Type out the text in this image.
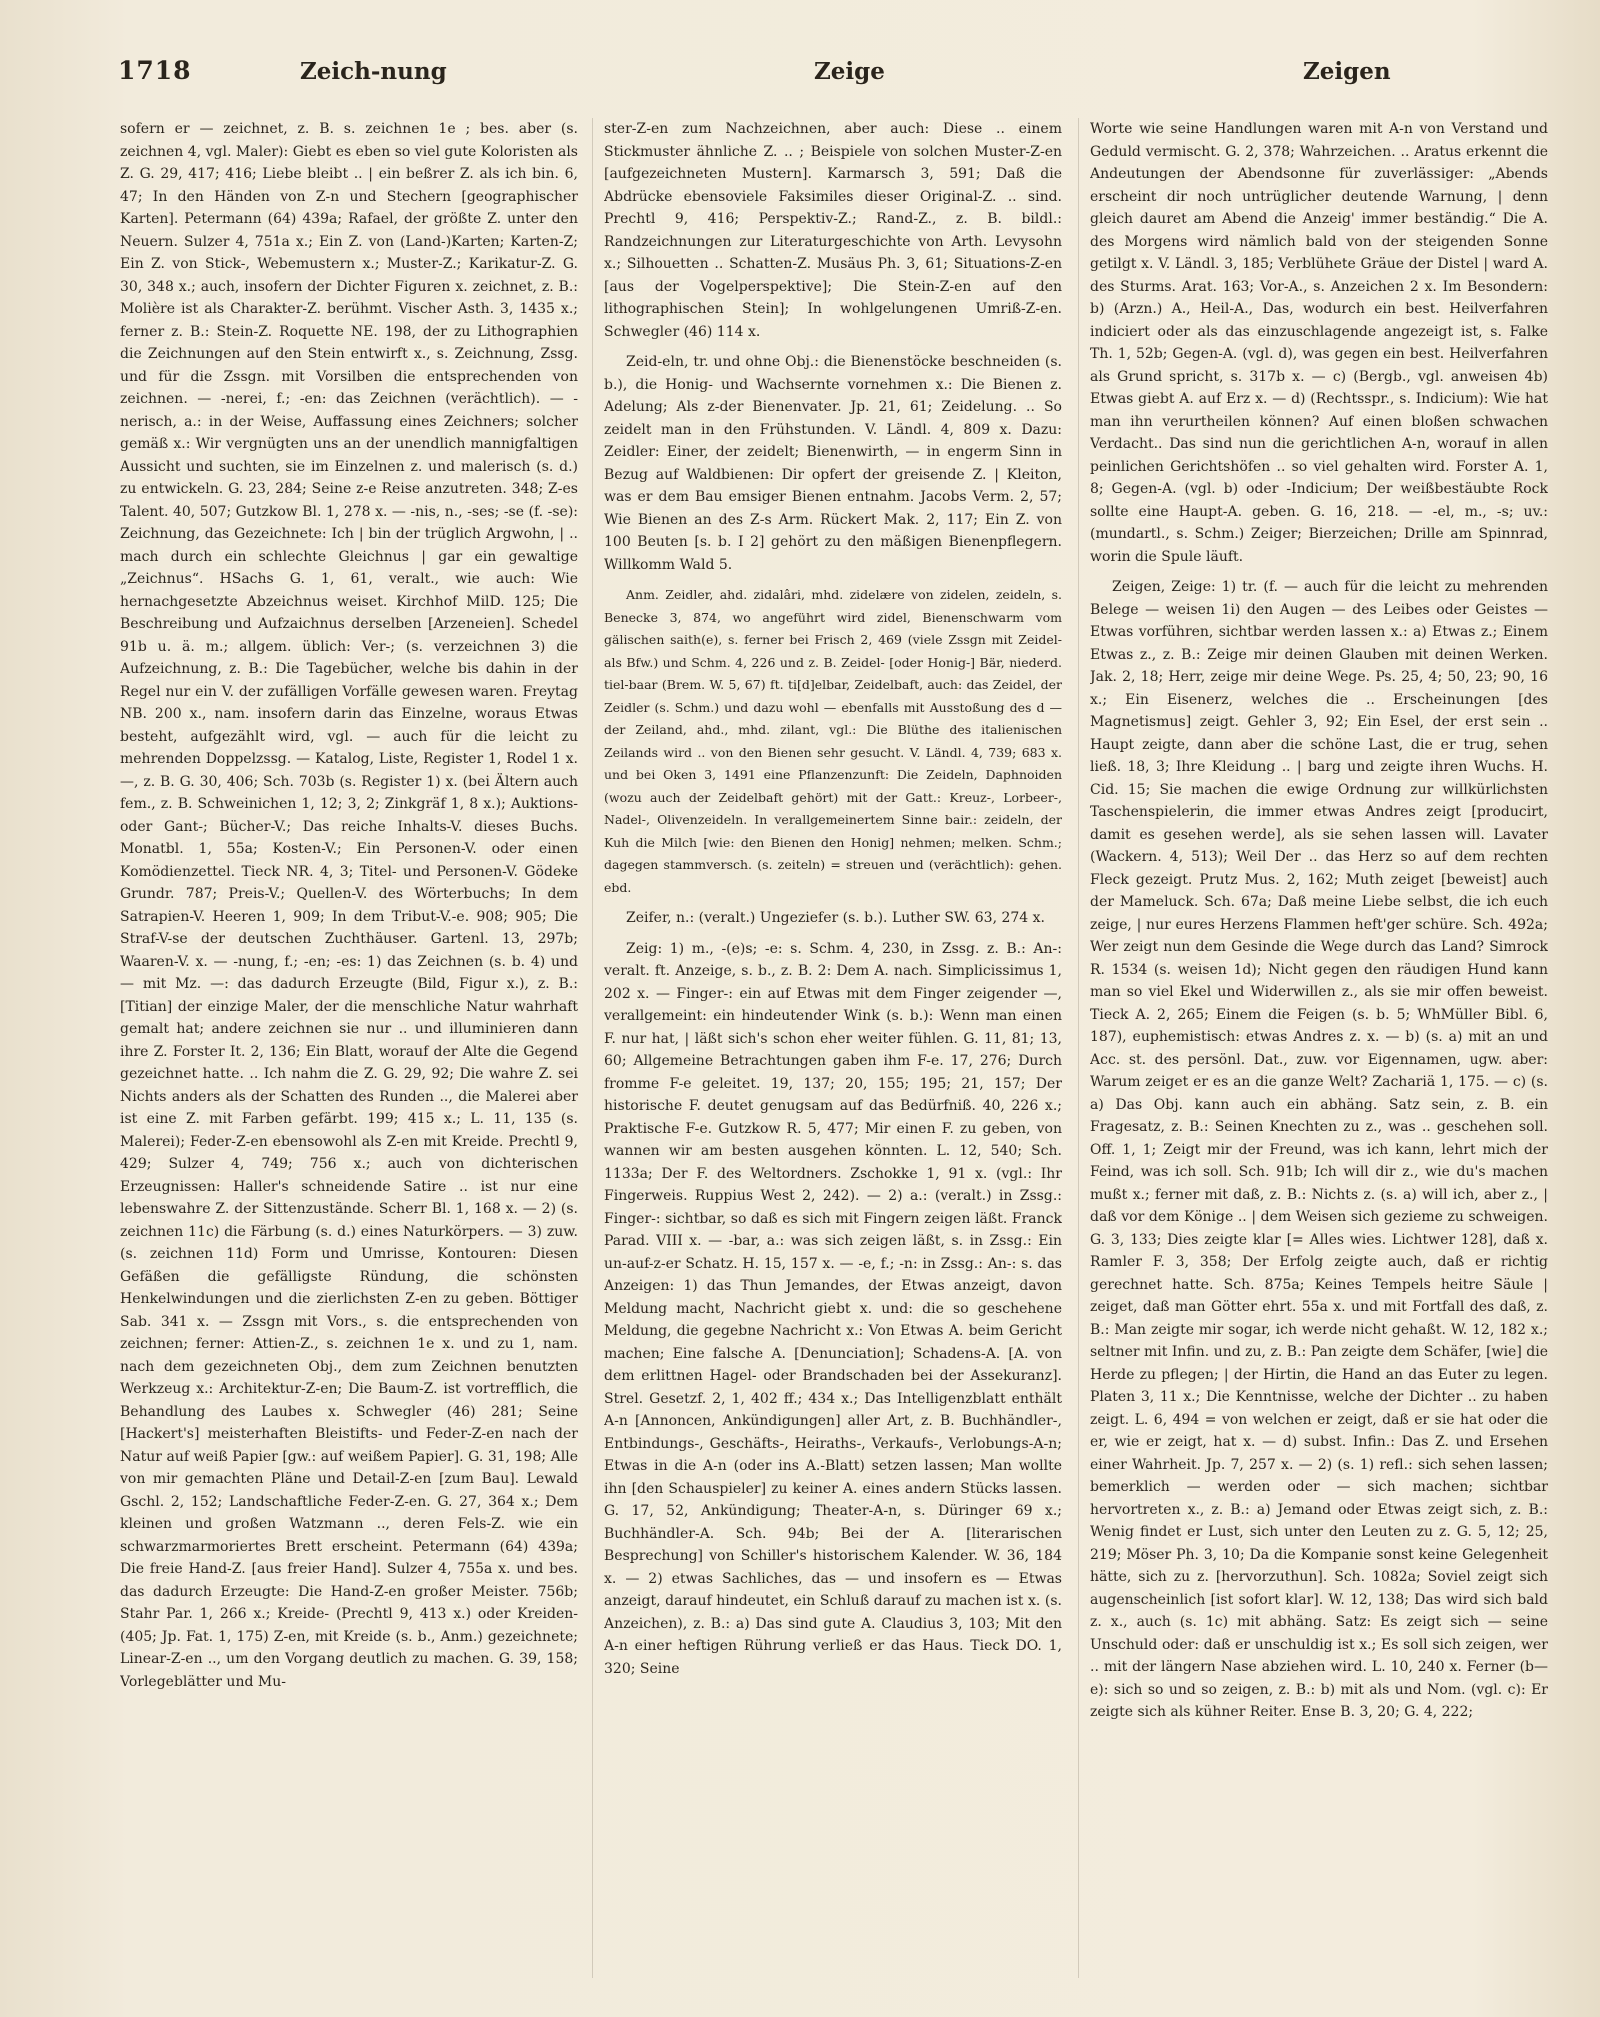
1718	Zeich-nung	Zeige	Zeigen

sofern er — zeichnet, z. B. s. zeichnen 1e ; bes. aber (s. zeichnen 4, vgl. Maler): Giebt es eben so viel gute Koloristen als Z. G. 29, 417; 416; Liebe bleibt .. | ein beßrer Z. als ich bin. 6, 47; In den Händen von Z-n und Stechern [geographischer Karten]. Petermann (64) 439a; Rafael, der größte Z. unter den Neuern. Sulzer 4, 751a x.; Ein Z. von (Land-)Karten; Karten-Z; Ein Z. von Stick-, Webemustern x.; Muster-Z.; Karikatur-Z. G. 30, 348 x.; auch, insofern der Dichter Figuren x. zeichnet, z. B.: Molière ist als Charakter-Z. berühmt. Vischer Asth. 3, 1435 x.; ferner z. B.: Stein-Z. Roquette NE. 198, der zu Lithographien die Zeichnungen auf den Stein entwirft x., s. Zeichnung, Zssg. und für die Zssgn. mit Vorsilben die entsprechenden von zeichnen. — -nerei, f.; -en: das Zeichnen (verächtlich). — -nerisch, a.: in der Weise, Auffassung eines Zeichners; solcher gemäß x.: Wir vergnügten uns an der unendlich mannigfaltigen Aussicht und suchten, sie im Einzelnen z. und malerisch (s. d.) zu entwickeln. G. 23, 284; Seine z-e Reise anzutreten. 348; Z-es Talent. 40, 507; Gutzkow Bl. 1, 278 x. — -nis, n., -ses; -se (f. -se): Zeichnung, das Gezeichnete: Ich | bin der trüglich Argwohn, | .. mach durch ein schlechte Gleichnus | gar ein gewaltige „Zeichnus“. HSachs G. 1, 61, veralt., wie auch: Wie hernachgesetzte Abzeichnus weiset. Kirchhof MilD. 125; Die Beschreibung und Aufzaichnus derselben [Arzeneien]. Schedel 91b u. ä. m.; allgem. üblich: Ver-; (s. verzeichnen 3) die Aufzeichnung, z. B.: Die Tagebücher, welche bis dahin in der Regel nur ein V. der zufälligen Vorfälle gewesen waren. Freytag NB. 200 x., nam. insofern darin das Einzelne, woraus Etwas besteht, aufgezählt wird, vgl. — auch für die leicht zu mehrenden Doppelzssg. — Katalog, Liste, Register 1, Rodel 1 x. —, z. B. G. 30, 406; Sch. 703b (s. Register 1) x. (bei Ältern auch fem., z. B. Schweinichen 1, 12; 3, 2; Zinkgräf 1, 8 x.); Auktions- oder Gant-; Bücher-V.; Das reiche Inhalts-V. dieses Buchs. Monatbl. 1, 55a; Kosten-V.; Ein Personen-V. oder einen Komödienzettel. Tieck NR. 4, 3; Titel- und Personen-V. Gödeke Grundr. 787; Preis-V.; Quellen-V. des Wörterbuchs; In dem Satrapien-V. Heeren 1, 909; In dem Tribut-V.-e. 908; 905; Die Straf-V-se der deutschen Zuchthäuser. Gartenl. 13, 297b; Waaren-V. x. — -nung, f.; -en; -es: 1) das Zeichnen (s. b. 4) und — mit Mz. —: das dadurch Erzeugte (Bild, Figur x.), z. B.: [Titian] der einzige Maler, der die menschliche Natur wahrhaft gemalt hat; andere zeichnen sie nur .. und illuminieren dann ihre Z. Forster It. 2, 136; Ein Blatt, worauf der Alte die Gegend gezeichnet hatte. .. Ich nahm die Z. G. 29, 92; Die wahre Z. sei Nichts anders als der Schatten des Runden .., die Malerei aber ist eine Z. mit Farben gefärbt. 199; 415 x.; L. 11, 135 (s. Malerei); Feder-Z-en ebensowohl als Z-en mit Kreide. Prechtl 9, 429; Sulzer 4, 749; 756 x.; auch von dichterischen Erzeugnissen: Haller's schneidende Satire .. ist nur eine lebenswahre Z. der Sittenzustände. Scherr Bl. 1, 168 x. — 2) (s. zeichnen 11c) die Färbung (s. d.) eines Naturkörpers. — 3) zuw. (s. zeichnen 11d) Form und Umrisse, Kontouren: Diesen Gefäßen die gefälligste Ründung, die schönsten Henkelwindungen und die zierlichsten Z-en zu geben. Böttiger Sab. 341 x. — Zssgn mit Vors., s. die entsprechenden von zeichnen; ferner: Attien-Z., s. zeichnen 1e x. und zu 1, nam. nach dem gezeichneten Obj., dem zum Zeichnen benutzten Werkzeug x.: Architektur-Z-en; Die Baum-Z. ist vortrefflich, die Behandlung des Laubes x. Schwegler (46) 281; Seine [Hackert's] meisterhaften Bleistifts- und Feder-Z-en nach der Natur auf weiß Papier [gw.: auf weißem Papier]. G. 31, 198; Alle von mir gemachten Pläne und Detail-Z-en [zum Bau]. Lewald Gschl. 2, 152; Landschaftliche Feder-Z-en. G. 27, 364 x.; Dem kleinen und großen Watzmann .., deren Fels-Z. wie ein schwarzmarmoriertes Brett erscheint. Petermann (64) 439a; Die freie Hand-Z. [aus freier Hand]. Sulzer 4, 755a x. und bes. das dadurch Erzeugte: Die Hand-Z-en großer Meister. 756b; Stahr Par. 1, 266 x.; Kreide- (Prechtl 9, 413 x.) oder Kreiden- (405; Jp. Fat. 1, 175) Z-en, mit Kreide (s. b., Anm.) gezeichnete; Linear-Z-en .., um den Vorgang deutlich zu machen. G. 39, 158; Vorlegeblätter und Mu-

ster-Z-en zum Nachzeichnen, aber auch: Diese .. einem Stickmuster ähnliche Z. .. ; Beispiele von solchen Muster-Z-en [aufgezeichneten Mustern]. Karmarsch 3, 591; Daß die Abdrücke ebensoviele Faksimiles dieser Original-Z. .. sind. Prechtl 9, 416; Perspektiv-Z.; Rand-Z., z. B. bildl.: Randzeichnungen zur Literaturgeschichte von Arth. Levysohn x.; Silhouetten .. Schatten-Z. Musäus Ph. 3, 61; Situations-Z-en [aus der Vogelperspektive]; Die Stein-Z-en auf den lithographischen Stein]; In wohlgelungenen Umriß-Z-en. Schwegler (46) 114 x.

Zeid-eln, tr. und ohne Obj.: die Bienenstöcke beschneiden (s. b.), die Honig- und Wachsernte vornehmen x.: Die Bienen z. Adelung; Als z-der Bienenvater. Jp. 21, 61; Zeidelung. .. So zeidelt man in den Frühstunden. V. Ländl. 4, 809 x. Dazu: Zeidler: Einer, der zeidelt; Bienenwirth, — in engerm Sinn in Bezug auf Waldbienen: Dir opfert der greisende Z. | Kleiton, was er dem Bau emsiger Bienen entnahm. Jacobs Verm. 2, 57; Wie Bienen an des Z-s Arm. Rückert Mak. 2, 117; Ein Z. von 100 Beuten [s. b. I 2] gehört zu den mäßigen Bienenpflegern. Willkomm Wald 5.

Anm. Zeidler, ahd. zidalâri, mhd. zidelære von zidelen, zeideln, s. Benecke 3, 874, wo angeführt wird zidel, Bienenschwarm vom gälischen saith(e), s. ferner bei Frisch 2, 469 (viele Zssgn mit Zeidel- als Bfw.) und Schm. 4, 226 und z. B. Zeidel- [oder Honig-] Bär, niederd. tiel-baar (Brem. W. 5, 67) ft. ti[d]elbar, Zeidelbaft, auch: das Zeidel, der Zeidler (s. Schm.) und dazu wohl — ebenfalls mit Ausstoßung des d — der Zeiland, ahd., mhd. zilant, vgl.: Die Blüthe des italienischen Zeilands wird .. von den Bienen sehr gesucht. V. Ländl. 4, 739; 683 x. und bei Oken 3, 1491 eine Pflanzenzunft: Die Zeideln, Daphnoiden (wozu auch der Zeidelbaft gehört) mit der Gatt.: Kreuz-, Lorbeer-, Nadel-, Olivenzeideln. In verallgemeinertem Sinne bair.: zeideln, der Kuh die Milch [wie: den Bienen den Honig] nehmen; melken. Schm.; dagegen stammversch. (s. zeiteln) = streuen und (verächtlich): gehen. ebd.

Zeifer, n.: (veralt.) Ungeziefer (s. b.). Luther SW. 63, 274 x.

Zeig: 1) m., -(e)s; -e: s. Schm. 4, 230, in Zssg. z. B.: An-: veralt. ft. Anzeige, s. b., z. B. 2: Dem A. nach. Simplicissimus 1, 202 x. — Finger-: ein auf Etwas mit dem Finger zeigender —, verallgemeint: ein hindeutender Wink (s. b.): Wenn man einen F. nur hat, | läßt sich's schon eher weiter fühlen. G. 11, 81; 13, 60; Allgemeine Betrachtungen gaben ihm F-e. 17, 276; Durch fromme F-e geleitet. 19, 137; 20, 155; 195; 21, 157; Der historische F. deutet genugsam auf das Bedürfniß. 40, 226 x.; Praktische F-e. Gutzkow R. 5, 477; Mir einen F. zu geben, von wannen wir am besten ausgehen könnten. L. 12, 540; Sch. 1133a; Der F. des Weltordners. Zschokke 1, 91 x. (vgl.: Ihr Fingerweis. Ruppius West 2, 242). — 2) a.: (veralt.) in Zssg.: Finger-: sichtbar, so daß es sich mit Fingern zeigen läßt. Franck Parad. VIII x. — -bar, a.: was sich zeigen läßt, s. in Zssg.: Ein un-auf-z-er Schatz. H. 15, 157 x. — -e, f.; -n: in Zssg.: An-: s. das Anzeigen: 1) das Thun Jemandes, der Etwas anzeigt, davon Meldung macht, Nachricht giebt x. und: die so geschehene Meldung, die gegebne Nachricht x.: Von Etwas A. beim Gericht machen; Eine falsche A. [Denunciation]; Schadens-A. [A. von dem erlittnen Hagel- oder Brandschaden bei der Assekuranz]. Strel. Gesetzf. 2, 1, 402 ff.; 434 x.; Das Intelligenzblatt enthält A-n [Annoncen, Ankündigungen] aller Art, z. B. Buchhändler-, Entbindungs-, Geschäfts-, Heiraths-, Verkaufs-, Verlobungs-A-n; Etwas in die A-n (oder ins A.-Blatt) setzen lassen; Man wollte ihn [den Schauspieler] zu keiner A. eines andern Stücks lassen. G. 17, 52, Ankündigung; Theater-A-n, s. Düringer 69 x.; Buchhändler-A. Sch. 94b; Bei der A. [literarischen Besprechung] von Schiller's historischem Kalender. W. 36, 184 x. — 2) etwas Sachliches, das — und insofern es — Etwas anzeigt, darauf hindeutet, ein Schluß darauf zu machen ist x. (s. Anzeichen), z. B.: a) Das sind gute A. Claudius 3, 103; Mit den A-n einer heftigen Rührung verließ er das Haus. Tieck DO. 1, 320; Seine

Worte wie seine Handlungen waren mit A-n von Verstand und Geduld vermischt. G. 2, 378; Wahrzeichen. .. Aratus erkennt die Andeutungen der Abendsonne für zuverlässiger: „Abends erscheint dir noch untrüglicher deutende Warnung, | denn gleich dauret am Abend die Anzeig' immer beständig.“ Die A. des Morgens wird nämlich bald von der steigenden Sonne getilgt x. V. Ländl. 3, 185; Verblühete Gräue der Distel | ward A. des Sturms. Arat. 163; Vor-A., s. Anzeichen 2 x. Im Besondern: b) (Arzn.) A., Heil-A., Das, wodurch ein best. Heilverfahren indiciert oder als das einzuschlagende angezeigt ist, s. Falke Th. 1, 52b; Gegen-A. (vgl. d), was gegen ein best. Heilverfahren als Grund spricht, s. 317b x. — c) (Bergb., vgl. anweisen 4b) Etwas giebt A. auf Erz x. — d) (Rechtsspr., s. Indicium): Wie hat man ihn verurtheilen können? Auf einen bloßen schwachen Verdacht.. Das sind nun die gerichtlichen A-n, worauf in allen peinlichen Gerichtshöfen .. so viel gehalten wird. Forster A. 1, 8; Gegen-A. (vgl. b) oder -Indicium; Der weißbestäubte Rock sollte eine Haupt-A. geben. G. 16, 218. — -el, m., -s; uv.: (mundartl., s. Schm.) Zeiger; Bierzeichen; Drille am Spinnrad, worin die Spule läuft.

Zeigen, Zeige: 1) tr. (f. — auch für die leicht zu mehrenden Belege — weisen 1i) den Augen — des Leibes oder Geistes — Etwas vorführen, sichtbar werden lassen x.: a) Etwas z.; Einem Etwas z., z. B.: Zeige mir deinen Glauben mit deinen Werken. Jak. 2, 18; Herr, zeige mir deine Wege. Ps. 25, 4; 50, 23; 90, 16 x.; Ein Eisenerz, welches die .. Erscheinungen [des Magnetismus] zeigt. Gehler 3, 92; Ein Esel, der erst sein .. Haupt zeigte, dann aber die schöne Last, die er trug, sehen ließ. 18, 3; Ihre Kleidung .. | barg und zeigte ihren Wuchs. H. Cid. 15; Sie machen die ewige Ordnung zur willkürlichsten Taschenspielerin, die immer etwas Andres zeigt [producirt, damit es gesehen werde], als sie sehen lassen will. Lavater (Wackern. 4, 513); Weil Der .. das Herz so auf dem rechten Fleck gezeigt. Prutz Mus. 2, 162; Muth zeiget [beweist] auch der Mameluck. Sch. 67a; Daß meine Liebe selbst, die ich euch zeige, | nur eures Herzens Flammen heft'ger schüre. Sch. 492a; Wer zeigt nun dem Gesinde die Wege durch das Land? Simrock R. 1534 (s. weisen 1d); Nicht gegen den räudigen Hund kann man so viel Ekel und Widerwillen z., als sie mir offen beweist. Tieck A. 2, 265; Einem die Feigen (s. b. 5; WhMüller Bibl. 6, 187), euphemistisch: etwas Andres z. x. — b) (s. a) mit an und Acc. st. des persönl. Dat., zuw. vor Eigennamen, ugw. aber: Warum zeiget er es an die ganze Welt? Zachariä 1, 175. — c) (s. a) Das Obj. kann auch ein abhäng. Satz sein, z. B. ein Fragesatz, z. B.: Seinen Knechten zu z., was .. geschehen soll. Off. 1, 1; Zeigt mir der Freund, was ich kann, lehrt mich der Feind, was ich soll. Sch. 91b; Ich will dir z., wie du's machen mußt x.; ferner mit daß, z. B.: Nichts z. (s. a) will ich, aber z., | daß vor dem Könige .. | dem Weisen sich gezieme zu schweigen. G. 3, 133; Dies zeigte klar [= Alles wies. Lichtwer 128], daß x. Ramler F. 3, 358; Der Erfolg zeigte auch, daß er richtig gerechnet hatte. Sch. 875a; Keines Tempels heitre Säule | zeiget, daß man Götter ehrt. 55a x. und mit Fortfall des daß, z. B.: Man zeigte mir sogar, ich werde nicht gehaßt. W. 12, 182 x.; seltner mit Infin. und zu, z. B.: Pan zeigte dem Schäfer, [wie] die Herde zu pflegen; | der Hirtin, die Hand an das Euter zu legen. Platen 3, 11 x.; Die Kenntnisse, welche der Dichter .. zu haben zeigt. L. 6, 494 = von welchen er zeigt, daß er sie hat oder die er, wie er zeigt, hat x. — d) subst. Infin.: Das Z. und Ersehen einer Wahrheit. Jp. 7, 257 x. — 2) (s. 1) refl.: sich sehen lassen; bemerklich — werden oder — sich machen; sichtbar hervortreten x., z. B.: a) Jemand oder Etwas zeigt sich, z. B.: Wenig findet er Lust, sich unter den Leuten zu z. G. 5, 12; 25, 219; Möser Ph. 3, 10; Da die Kompanie sonst keine Gelegenheit hätte, sich zu z. [hervorzuthun]. Sch. 1082a; Soviel zeigt sich augenscheinlich [ist sofort klar]. W. 12, 138; Das wird sich bald z. x., auch (s. 1c) mit abhäng. Satz: Es zeigt sich — seine Unschuld oder: daß er unschuldig ist x.; Es soll sich zeigen, wer .. mit der längern Nase abziehen wird. L. 10, 240 x. Ferner (b—e): sich so und so zeigen, z. B.: b) mit als und Nom. (vgl. c): Er zeigte sich als kühner Reiter. Ense B. 3, 20; G. 4, 222;
